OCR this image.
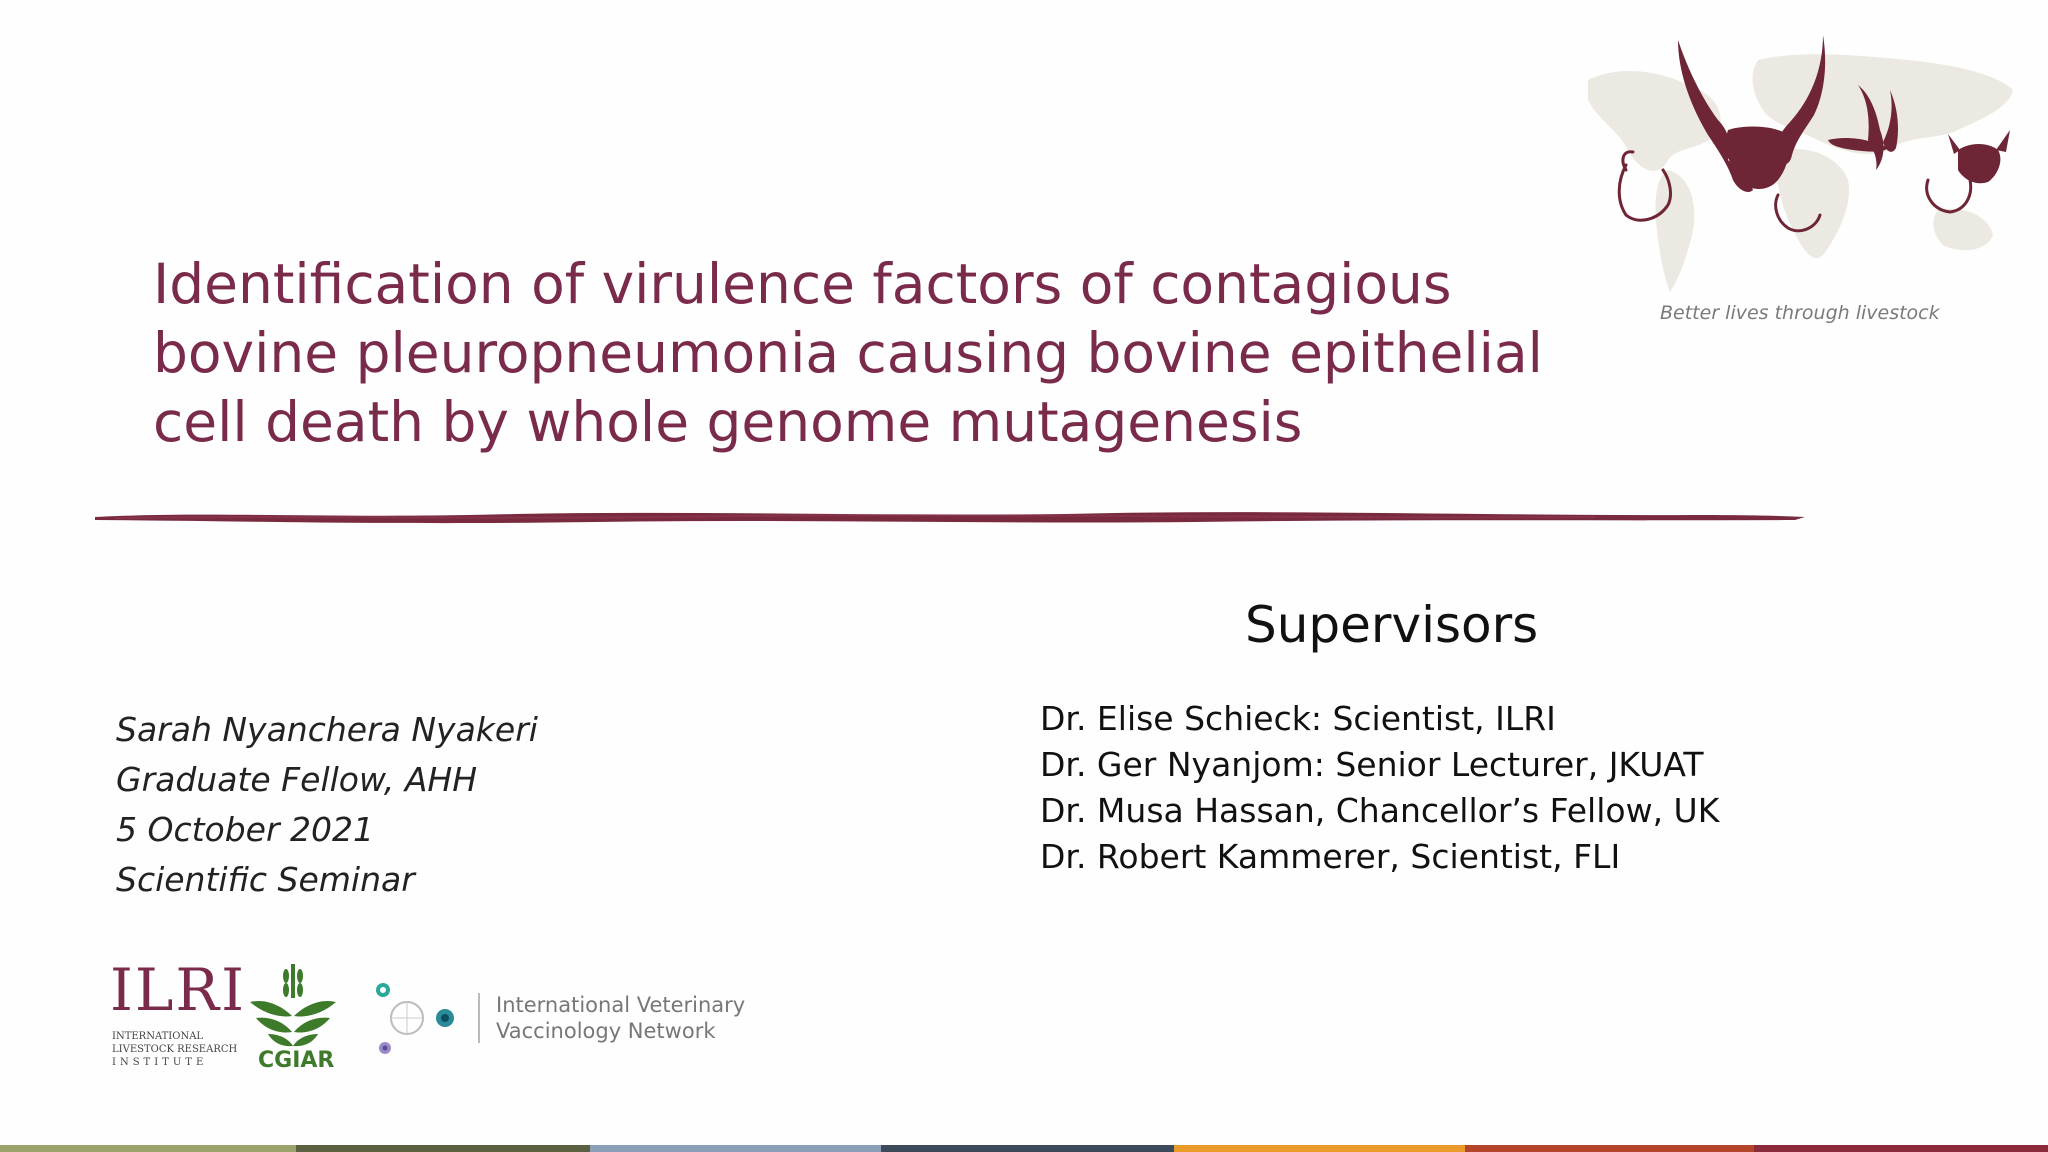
Identification of virulence factors of contagious
bovine pleuropneumonia causing bovine epithelial
cell death by whole genome mutagenesis
Better lives through livestock
Sarah Nyanchera Nyakeri
Graduate Fellow, AHH
5 October 2021
Scientific Seminar
Supervisors
Dr. Elise Schieck: Scientist, ILRI
Dr. Ger Nyanjom: Senior Lecturer, JKUAT
Dr. Musa Hassan, Chancellor’s Fellow, UK
Dr. Robert Kammerer, Scientist, FLI
ILRI
INTERNATIONAL
LIVESTOCK RESEARCH
INSTITUTE	CGIAR
International Veterinary
Vaccinology Network
